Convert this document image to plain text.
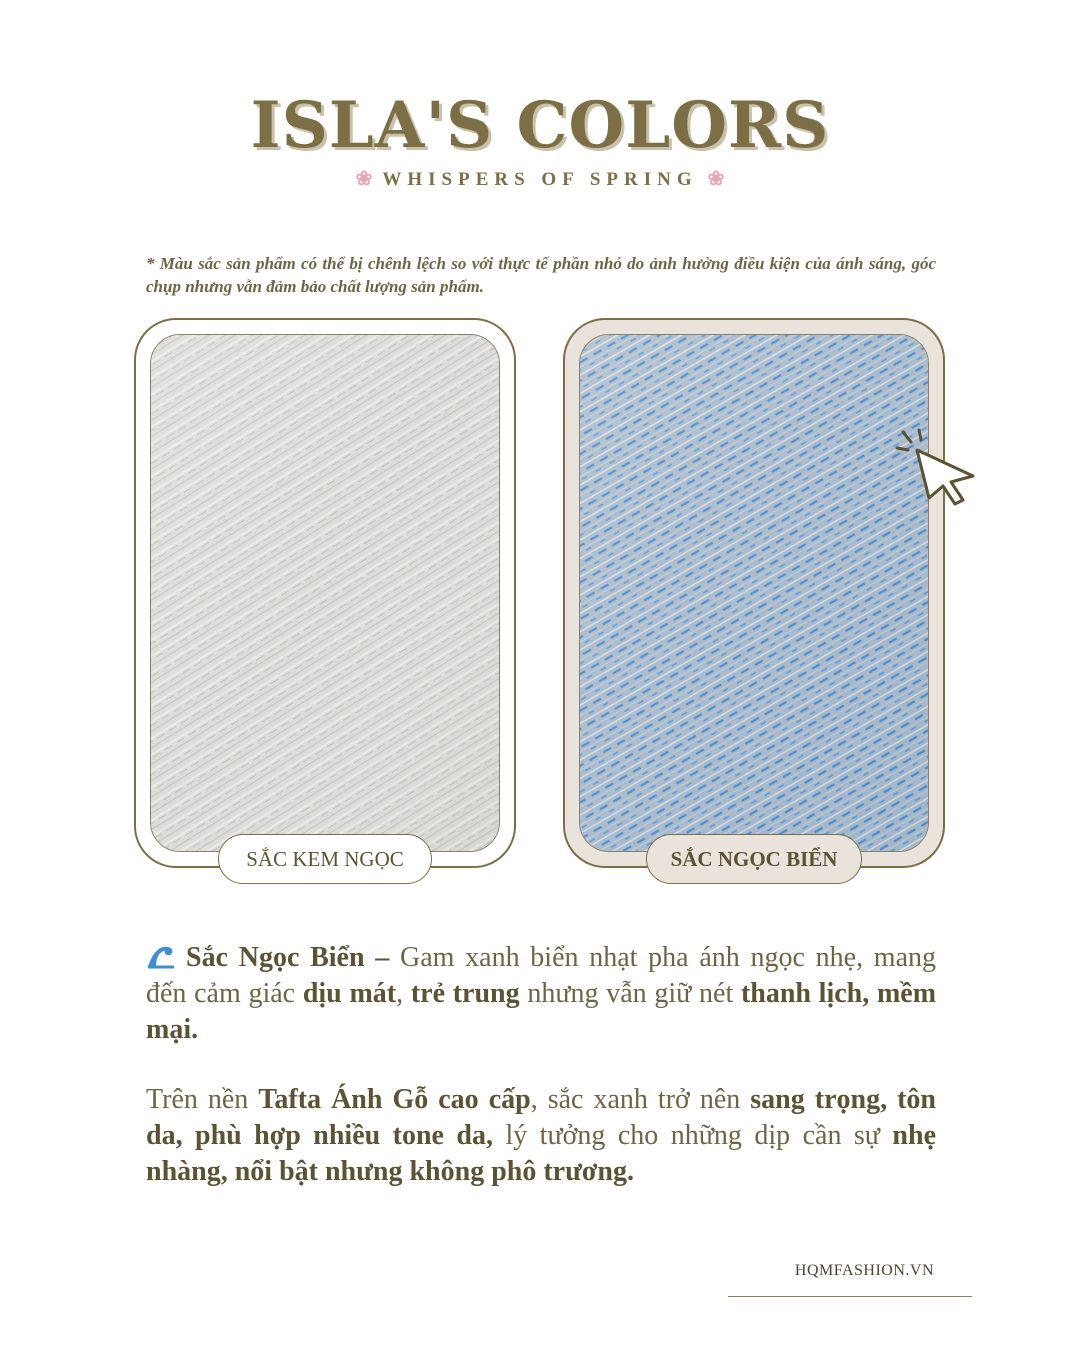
ISLA'S COLORS
❀ WHISPERS OF SPRING ❀
* Màu sắc sản phẩm có thể bị chênh lệch so với thực tế phần nhỏ do ảnh hưởng điều kiện của ánh sáng, góc chụp nhưng vẫn đảm bảo chất lượng sản phẩm.
SẮC KEM NGỌC	SẮC NGỌC BIỂN
Sắc Ngọc Biển – Gam xanh biển nhạt pha ánh ngọc nhẹ, mang đến cảm giác dịu mát, trẻ trung nhưng vẫn giữ nét thanh lịch, mềm mại.
Trên nền Tafta Ánh Gỗ cao cấp, sắc xanh trở nên sang trọng, tôn da, phù hợp nhiều tone da, lý tưởng cho những dịp cần sự nhẹ nhàng, nổi bật nhưng không phô trương.
HQMFASHION.VN
